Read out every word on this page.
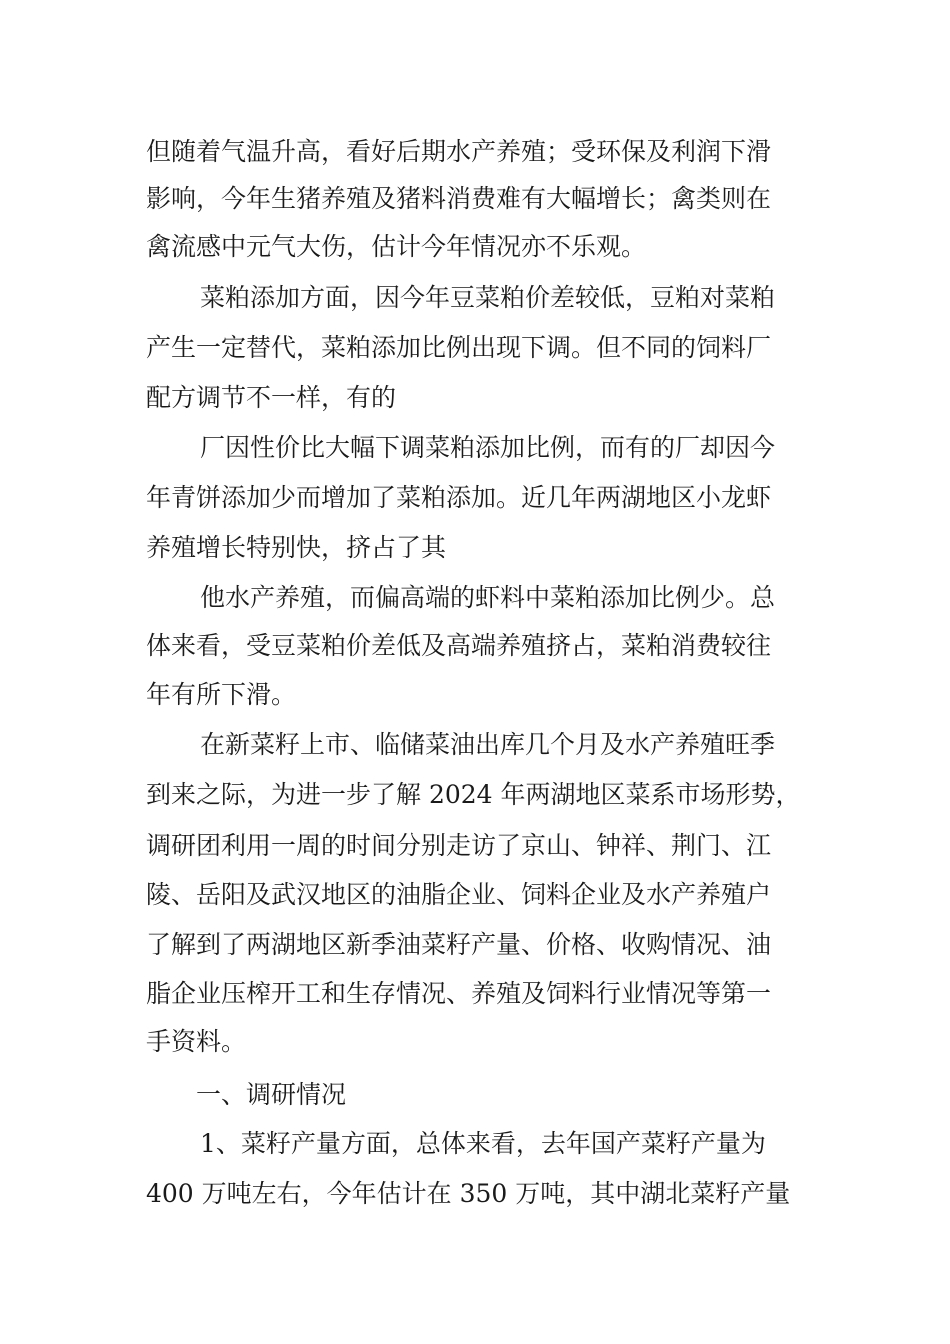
但随着气温升高，看好后期水产养殖；受环保及利润下滑
影响，今年生猪养殖及猪料消费难有大幅增长；禽类则在
禽流感中元气大伤，估计今年情况亦不乐观。
菜粕添加方面，因今年豆菜粕价差较低，豆粕对菜粕
产生一定替代，菜粕添加比例出现下调。但不同的饲料厂
配方调节不一样，有的
厂因性价比大幅下调菜粕添加比例，而有的厂却因今
年青饼添加少而增加了菜粕添加。近几年两湖地区小龙虾
养殖增长特别快，挤占了其
他水产养殖，而偏高端的虾料中菜粕添加比例少。总
体来看，受豆菜粕价差低及高端养殖挤占，菜粕消费较往
年有所下滑。
在新菜籽上市、临储菜油出库几个月及水产养殖旺季
到来之际，为进一步了解 2024 年两湖地区菜系市场形势，
调研团利用一周的时间分别走访了京山、钟祥、荆门、江
陵、岳阳及武汉地区的油脂企业、饲料企业及水产养殖户
了解到了两湖地区新季油菜籽产量、价格、收购情况、油
脂企业压榨开工和生存情况、养殖及饲料行业情况等第一
手资料。
一、调研情况
1、菜籽产量方面，总体来看，去年国产菜籽产量为
400 万吨左右，今年估计在 350 万吨，其中湖北菜籽产量
